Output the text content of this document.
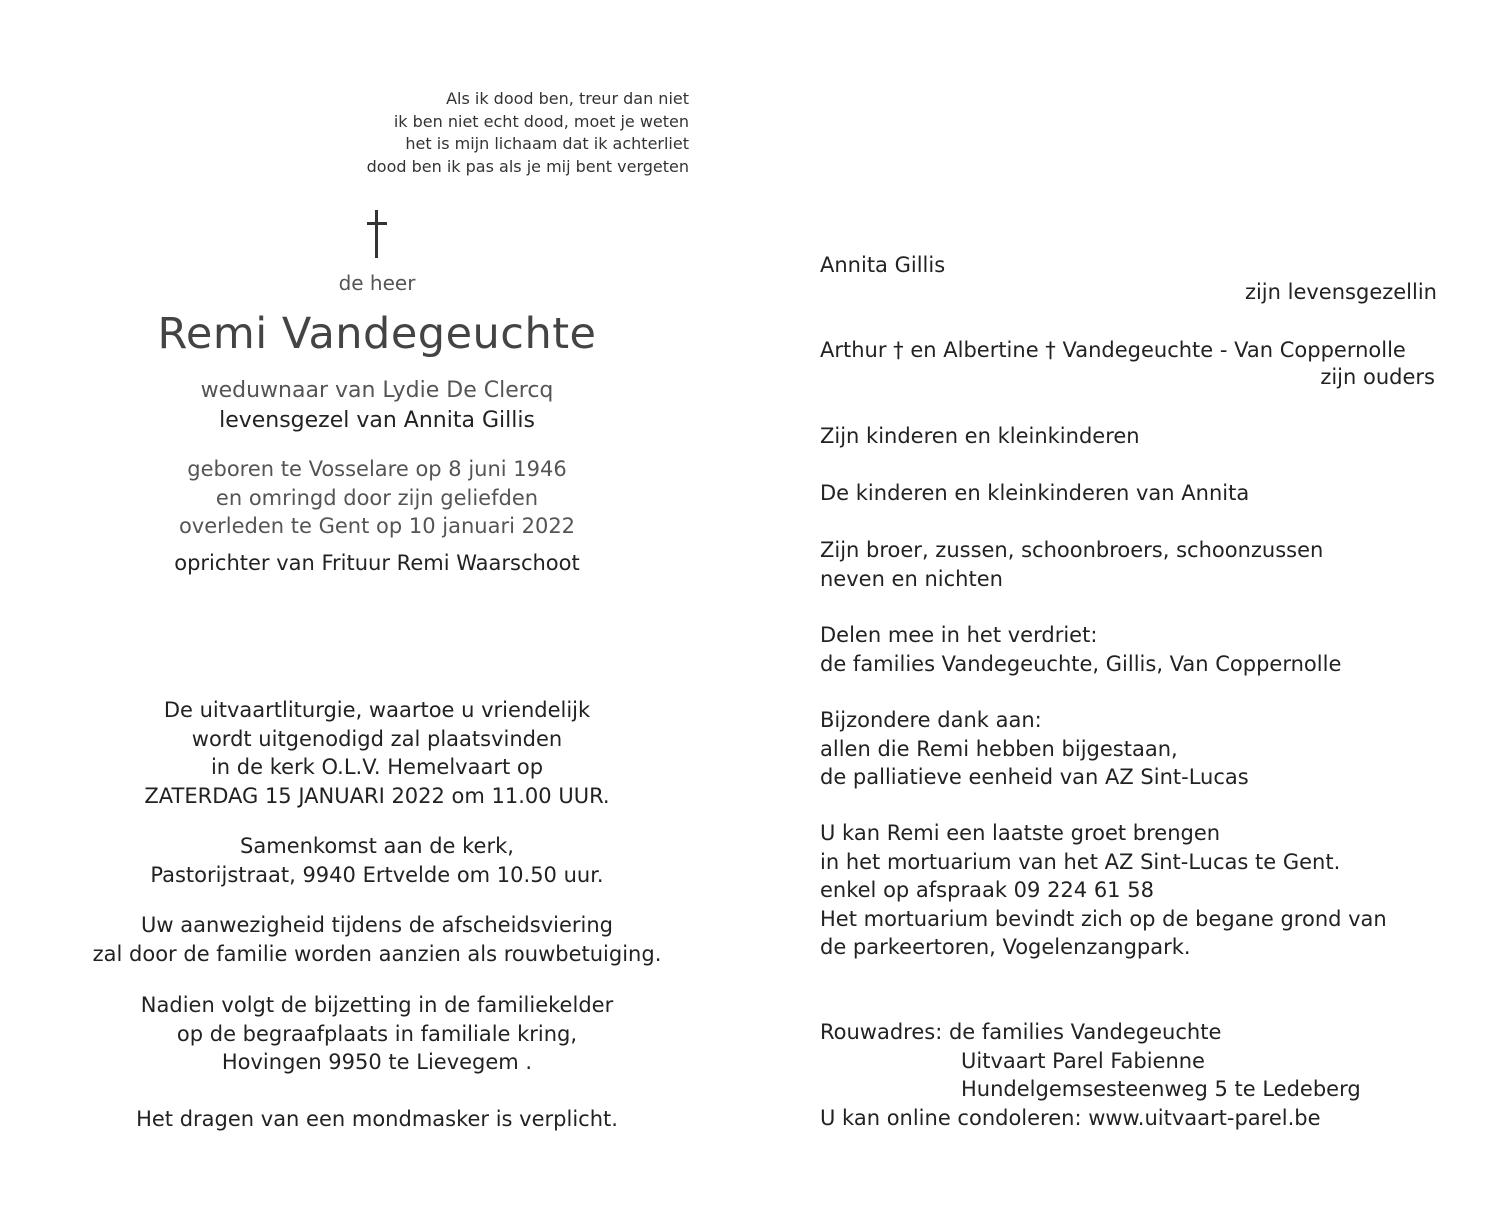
Als ik dood ben, treur dan niet
ik ben niet echt dood, moet je weten
het is mijn lichaam dat ik achterliet
dood ben ik pas als je mij bent vergeten
de heer
Remi Vandegeuchte
weduwnaar van Lydie De Clercq
levensgezel van Annita Gillis
geboren te Vosselare op 8 juni 1946
en omringd door zijn geliefden
overleden te Gent op 10 januari 2022
oprichter van Frituur Remi Waarschoot
De uitvaartliturgie, waartoe u vriendelijk
wordt uitgenodigd zal plaatsvinden
in de kerk O.L.V. Hemelvaart op
ZATERDAG 15 JANUARI 2022 om 11.00 UUR.
Samenkomst aan de kerk,
Pastorijstraat, 9940 Ertvelde om 10.50 uur.
Uw aanwezigheid tijdens de afscheidsviering
zal door de familie worden aanzien als rouwbetuiging.
Nadien volgt de bijzetting in de familiekelder
op de begraafplaats in familiale kring,
Hovingen 9950 te Lievegem .
Het dragen van een mondmasker is verplicht.
Annita Gillis
zijn levensgezellin
Arthur † en Albertine † Vandegeuchte - Van Coppernolle
zijn ouders
Zijn kinderen en kleinkinderen
De kinderen en kleinkinderen van Annita
Zijn broer, zussen, schoonbroers, schoonzussen
neven en nichten
Delen mee in het verdriet:
de families Vandegeuchte, Gillis, Van Coppernolle
Bijzondere dank aan:
allen die Remi hebben bijgestaan,
de palliatieve eenheid van AZ Sint-Lucas
U kan Remi een laatste groet brengen
in het mortuarium van het AZ Sint-Lucas te Gent.
enkel op afspraak 09 224 61 58
Het mortuarium bevindt zich op de begane grond van
de parkeertoren, Vogelenzangpark.
Rouwadres: de families Vandegeuchte
Uitvaart Parel Fabienne
Hundelgemsesteenweg 5 te Ledeberg
U kan online condoleren: www.uitvaart-parel.be
